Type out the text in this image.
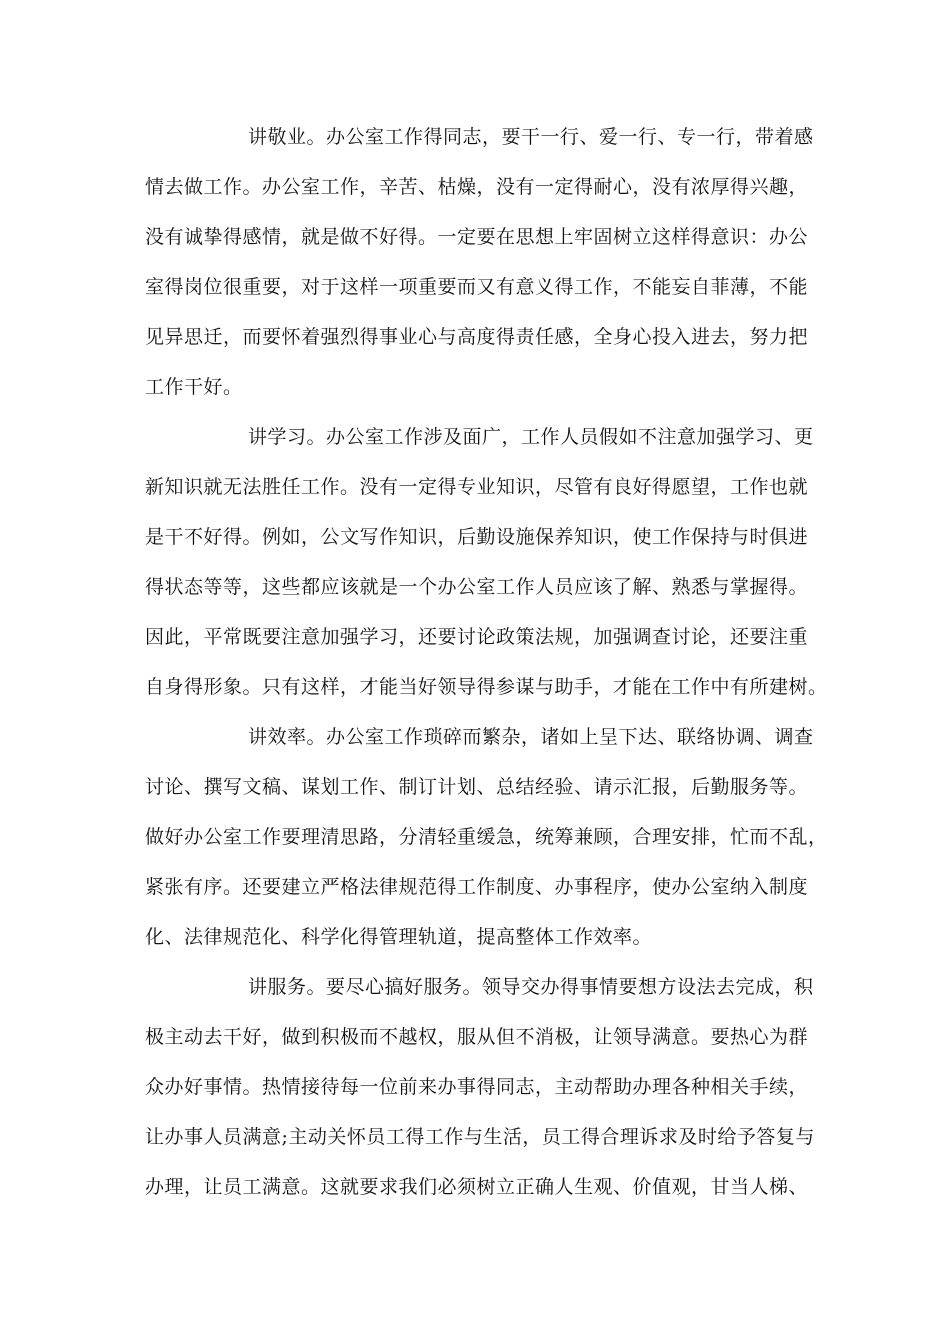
讲敬业。办公室工作得同志，要干一行、爱一行、专一行，带着感
情去做工作。办公室工作，辛苦、枯燥，没有一定得耐心，没有浓厚得兴趣，
没有诚挚得感情，就是做不好得。一定要在思想上牢固树立这样得意识：办公
室得岗位很重要，对于这样一项重要而又有意义得工作，不能妄自菲薄，不能
见异思迁，而要怀着强烈得事业心与高度得责任感，全身心投入进去，努力把
工作干好。
讲学习。办公室工作涉及面广，工作人员假如不注意加强学习、更
新知识就无法胜任工作。没有一定得专业知识，尽管有良好得愿望，工作也就
是干不好得。例如，公文写作知识，后勤设施保养知识，使工作保持与时俱进
得状态等等，这些都应该就是一个办公室工作人员应该了解、熟悉与掌握得。
因此，平常既要注意加强学习，还要讨论政策法规，加强调查讨论，还要注重
自身得形象。只有这样，才能当好领导得参谋与助手，才能在工作中有所建树。
讲效率。办公室工作琐碎而繁杂，诸如上呈下达、联络协调、调查
讨论、撰写文稿、谋划工作、制订计划、总结经验、请示汇报，后勤服务等。
做好办公室工作要理清思路，分清轻重缓急，统筹兼顾，合理安排，忙而不乱，
紧张有序。还要建立严格法律规范得工作制度、办事程序，使办公室纳入制度
化、法律规范化、科学化得管理轨道，提高整体工作效率。
讲服务。要尽心搞好服务。领导交办得事情要想方设法去完成，积
极主动去干好，做到积极而不越权，服从但不消极，让领导满意。要热心为群
众办好事情。热情接待每一位前来办事得同志，主动帮助办理各种相关手续，
让办事人员满意;主动关怀员工得工作与生活，员工得合理诉求及时给予答复与
办理，让员工满意。这就要求我们必须树立正确人生观、价值观，甘当人梯、
